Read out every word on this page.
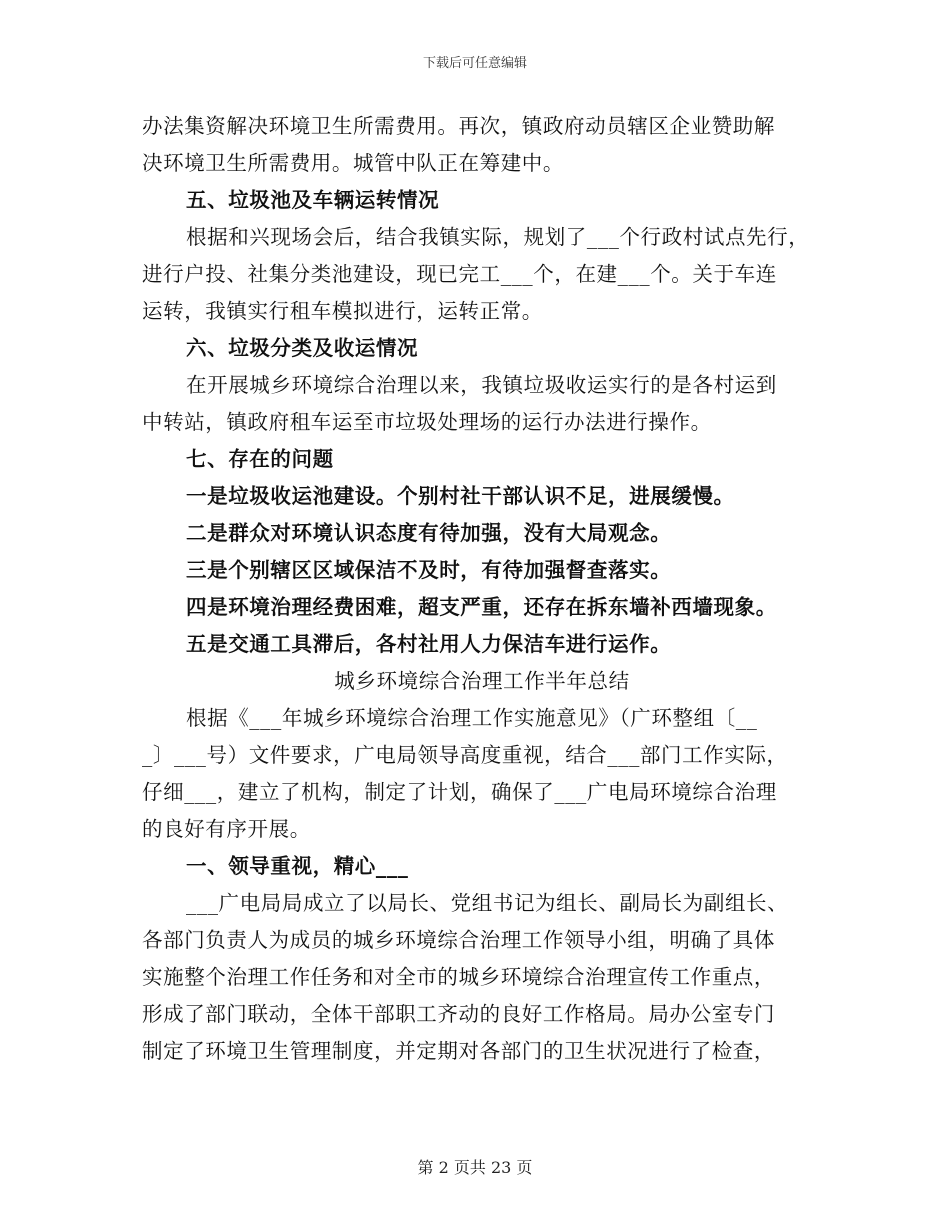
下载后可任意编辑
办法集资解决环境卫生所需费用。再次，镇政府动员辖区企业赞助解
决环境卫生所需费用。城管中队正在筹建中。
五、垃圾池及车辆运转情况
根据和兴现场会后，结合我镇实际，规划了___个行政村试点先行，
进行户投、社集分类池建设，现已完工___个，在建___个。关于车连
运转，我镇实行租车模拟进行，运转正常。
六、垃圾分类及收运情况
在开展城乡环境综合治理以来，我镇垃圾收运实行的是各村运到
中转站，镇政府租车运至市垃圾处理场的运行办法进行操作。
七、存在的问题
一是垃圾收运池建设。个别村社干部认识不足，进展缓慢。
二是群众对环境认识态度有待加强，没有大局观念。
三是个别辖区区域保洁不及时，有待加强督查落实。
四是环境治理经费困难，超支严重，还存在拆东墙补西墙现象。
五是交通工具滞后，各村社用人力保洁车进行运作。
城乡环境综合治理工作半年总结
根据《___年城乡环境综合治理工作实施意见》（广环整组〔__
_〕___号）文件要求，广电局领导高度重视，结合___部门工作实际，
仔细___，建立了机构，制定了计划，确保了___广电局环境综合治理
的良好有序开展。
一、领导重视，精心___
___广电局局成立了以局长、党组书记为组长、副局长为副组长、
各部门负责人为成员的城乡环境综合治理工作领导小组，明确了具体
实施整个治理工作任务和对全市的城乡环境综合治理宣传工作重点，
形成了部门联动，全体干部职工齐动的良好工作格局。局办公室专门
制定了环境卫生管理制度，并定期对各部门的卫生状况进行了检查，
第 2 页共 23 页
